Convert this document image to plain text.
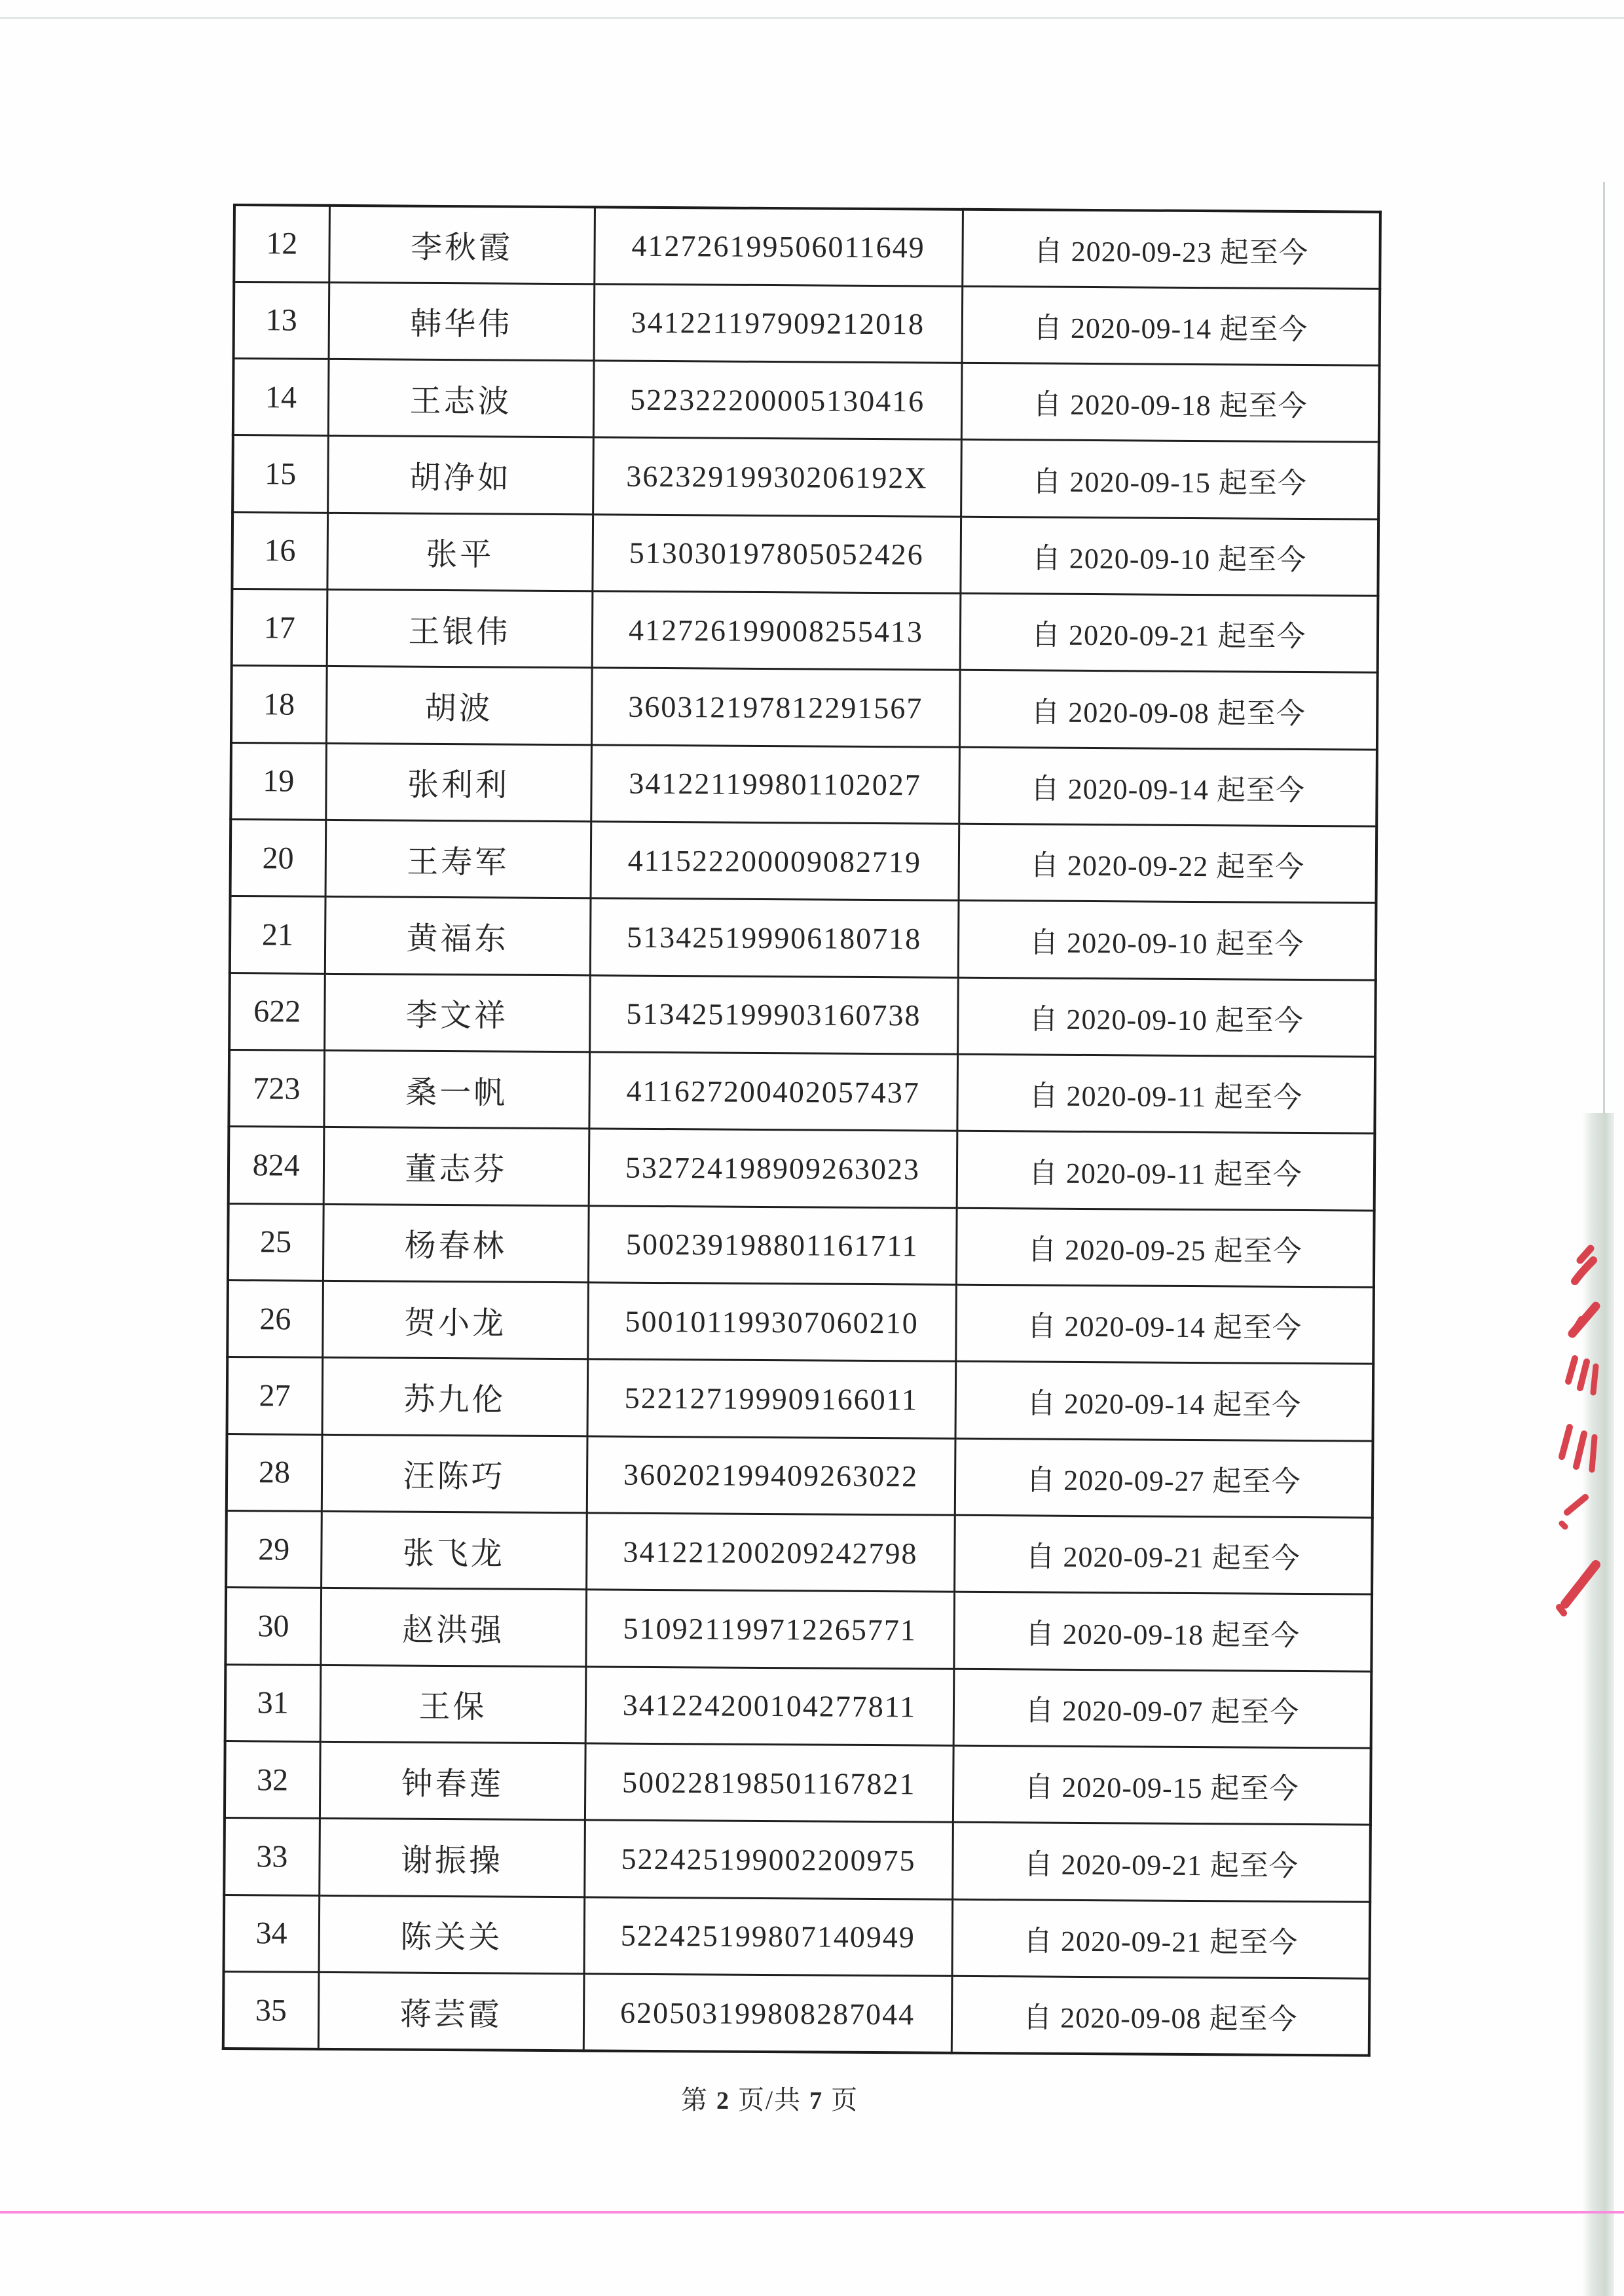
12	李秋霞	412726199506011649	自 2020-09-23 起至今
13	韩华伟	341221197909212018	自 2020-09-14 起至今
14	王志波	522322200005130416	自 2020-09-18 起至今
15	胡净如	36232919930206192X	自 2020-09-15 起至今
16	张平	513030197805052426	自 2020-09-10 起至今
17	王银伟	412726199008255413	自 2020-09-21 起至今
18	胡波	360312197812291567	自 2020-09-08 起至今
19	张利利	341221199801102027	自 2020-09-14 起至今
20	王寿军	411522200009082719	自 2020-09-22 起至今
21	黄福东	513425199906180718	自 2020-09-10 起至今
622	李文祥	513425199903160738	自 2020-09-10 起至今
723	桑一帆	411627200402057437	自 2020-09-11 起至今
824	董志芬	532724198909263023	自 2020-09-11 起至今
25	杨春林	500239198801161711	自 2020-09-25 起至今
26	贺小龙	500101199307060210	自 2020-09-14 起至今
27	苏九伦	522127199909166011	自 2020-09-14 起至今
28	汪陈巧	360202199409263022	自 2020-09-27 起至今
29	张飞龙	341221200209242798	自 2020-09-21 起至今
30	赵洪强	510921199712265771	自 2020-09-18 起至今
31	王保	341224200104277811	自 2020-09-07 起至今
32	钟春莲	500228198501167821	自 2020-09-15 起至今
33	谢振操	522425199002200975	自 2020-09-21 起至今
34	陈关关	522425199807140949	自 2020-09-21 起至今
35	蒋芸霞	620503199808287044	自 2020-09-08 起至今
第 2 页/共 7 页
